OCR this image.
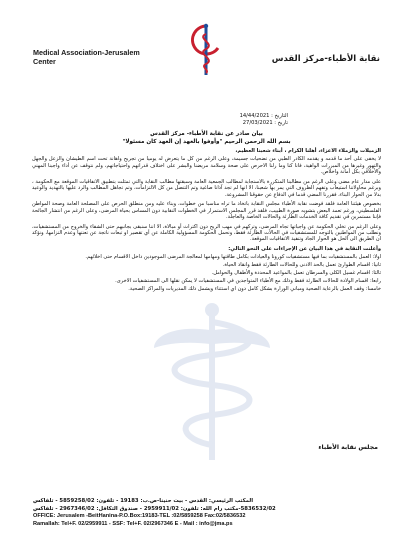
Medical Association-Jerusalem
Center	نقابة الأطباء-مركز القدس
التاريخ : 14/44/2021
تاريخ : 27/03/2021
بيان صادر عن نقابة الأطباء- مركز القدس
بسم الله الرحمن الرحيم "وأوفوا بالعهد إن العهد كان مسئولا"

الزميلات والزملاء الاعزاء، أهلنا الكرام ، أبناء شعبنا العظيم،

لا يخفى على أحد ما قدمه و يقدمه الكادر الطبي من تضحيات جسيمة، وعلى الرغم من كل ما يتعرض له يوميا من تجريح واهانة تحت اسم الطيشان والزعل والجهل والتهور وغيرها من المبررات الواهية، فانا كنا وما زلنا الاحرص على صحة وسلامة مريضنا والبشر على اختلاف قدراتهم واحتياجاتهم، ولم نتوقف عن أداء واجبنا المهني والأخلاقي بكل أمانة واخلاص.

على مدار عام مضى وعلى الرغم من مطالبنا المتكررة بالاستجابة لمطالب الجمعية العامة وسبقتها مطالب النقابة والتي تمثلت بتطبيق الاتفاقيات الموقعة مع الحكومة ، وبرغم محاولاتنا استيعاب وتفهم الظروف التي يمر بها شعبنا، الا انها لم تجد آذانا صاغية وتم التنصل من كل الالتزامات، وتم تجاهل المطالب والرد عليها بالتهديد والوعيد بدلا من الحوار البناء، فقررنا المضي قدما في الدفاع عن حقوقنا المشروعة.

بخصوص هيئتنا العامة فلقد فوضت نقابة الأطباء مجلس النقابة باتخاذ ما تراه مناسبا من خطوات، وبناء عليه ومن منطلق الحرص على المصلحة العامة وصحة المواطن الفلسطيني، ورغم تعمد البعض بتشويه صورة الطبيب، فلقد قرر المجلس الاستمرار في الخطوات النقابية دون المساس بحياة المرضى، وعلى الرغم من انتشار الجائحة فإننا مستمرين في تقديم كافة الخدمات الطارئة والحالات الخاصة والعاجلة.

وعلى الرغم من تخلي الحكومة عن واجباتها تجاه المرضى، وتركهم في مهب الريح دون اكتراث أو مبالاة، الا اننا سنبقى بجانبهم حتى الشفاء والخروج من المستشفيات، ونطلب من المواطنين بالتوجه للمستشفيات في الحالات الطارئة فقط، ونحمل الحكومة المسؤولية الكاملة عن أي تقصير او تبعات ناتجة عن تعنتها وعدم التزامها، ونؤكد ان الطريق الى الحل هو الحوار الجاد وتنفيذ الاتفاقيات الموقعة.

وأعلنت النقابة في هذا البيان عن الإجراءات على النحو التالي:

اولا: العمل بالمستشفيات بما فيها مستشفيات كورونا والعيادات بكامل طاقتها ومهامها لمعالجة المرضى الموجودين داخل الاقسام حتى اخلائهم.

ثانيا: اقسام الطوارئ تعمل بالحد الادنى وللحالات الطارئة فقط وانقاذ الحياة.

ثالثا: اقسام غسيل الكلى والسرطان تعمل بالمواعيد المحددة والأطفال والحوامل.

رابعا: اقسام الولادة للحالات الطارئة فقط وذلك مع الأطباء المتواجدين في المستشفيات لا يمكن نقلها الى المستشفيات الاخرى.

خامسا: وقف العمل بالرعاية الصحية ومباني الوزارة بشكل كامل دون اي استثناء ويشمل ذلك المديريات والمراكز الصحية.

مجلس نقابة الأطباء
المكتب الرئيسي: القدس - بيت حنينا-ص.ب: 19183 - تلفون: 5859258/02 - تلفاكس
5836532/02-مكتب رام الله: تلفون: 2959911/02 - صندوق التكافل: 2967346/02 - تلفاكس
OFFICE: Jerusalem -BeitHanina-P.O.Box:19183-TEL :02/5859258 Fax:02/5836532
Ramallah: Tel+F. 02/2959911 - SSF: Tel+F. 02/2967346 E - Mail : info@jma.ps
